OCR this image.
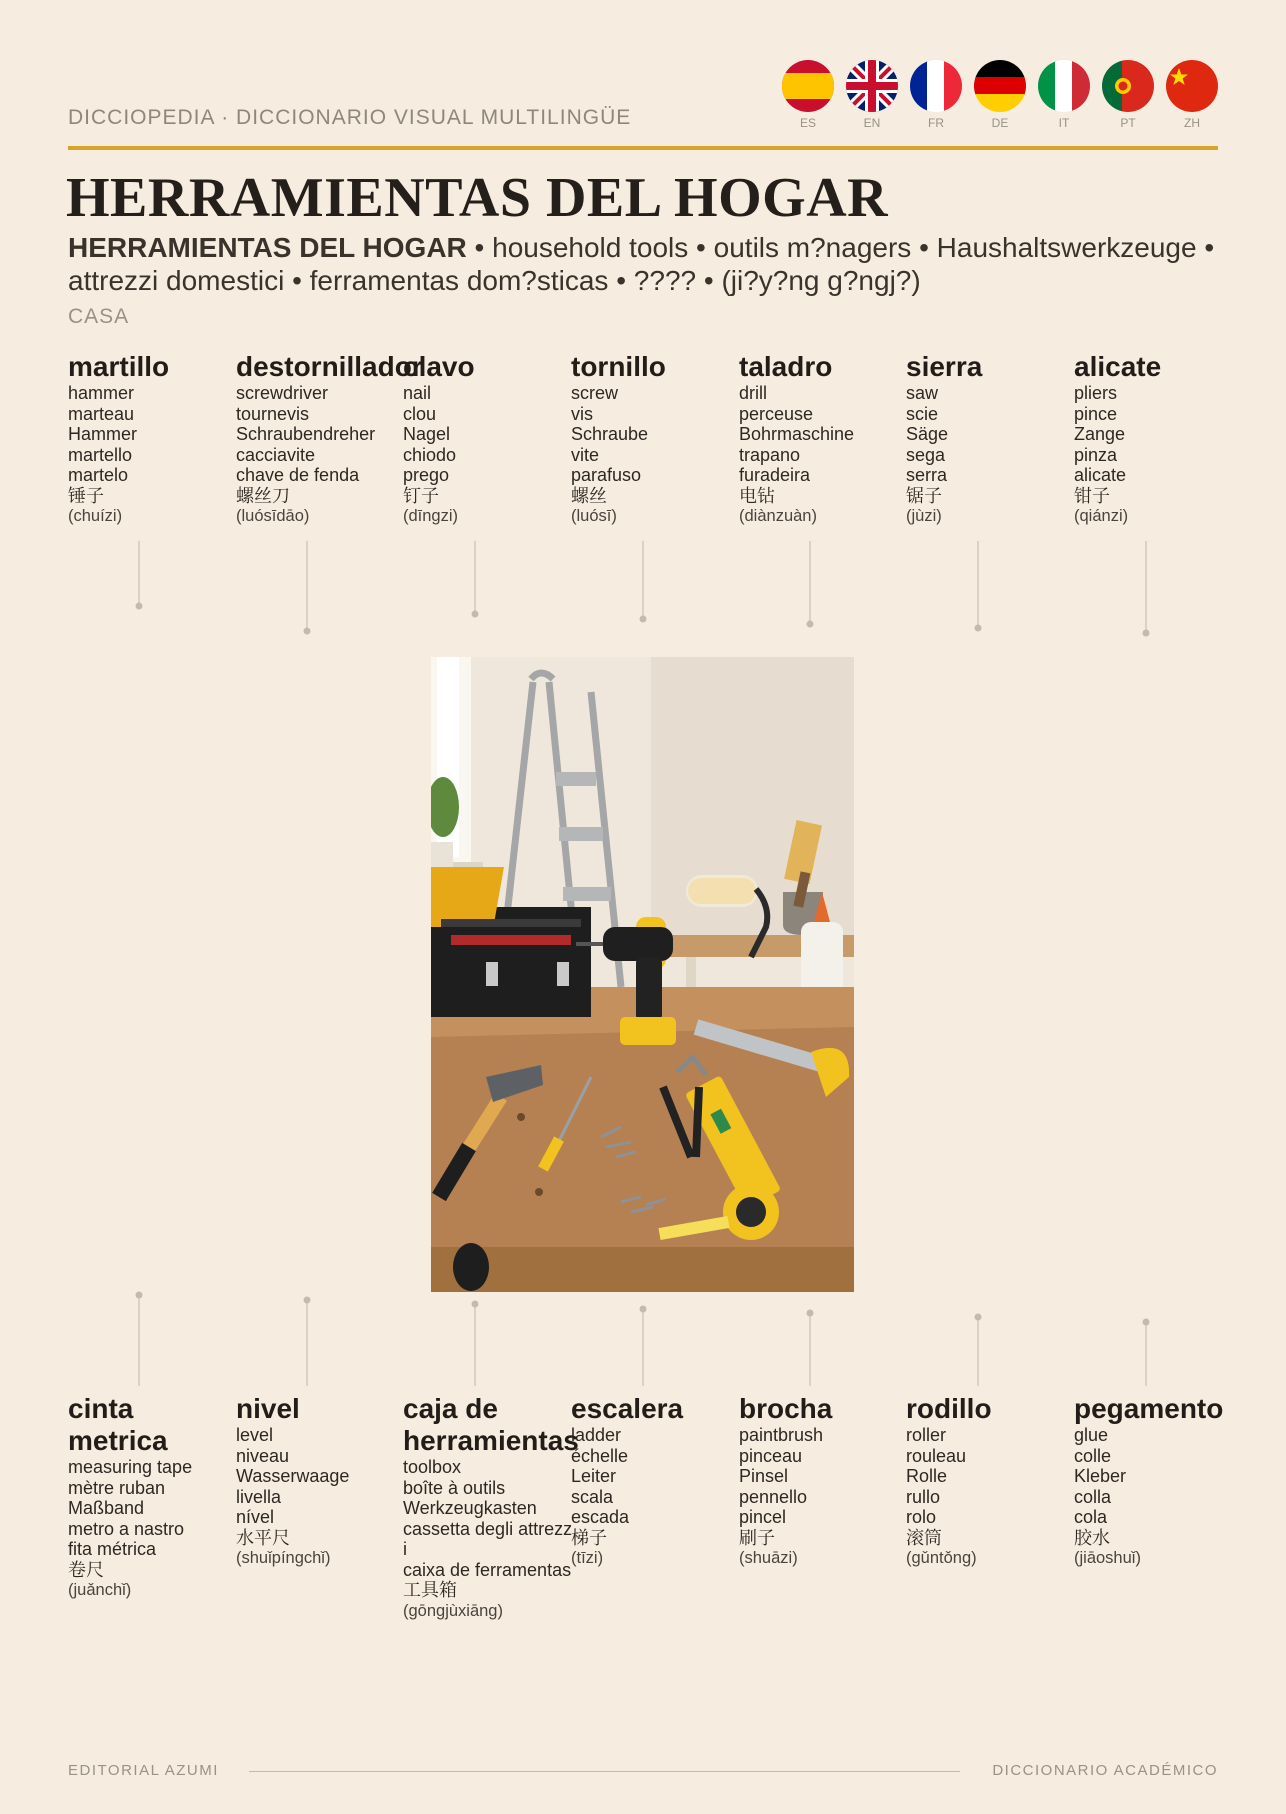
DICCIOPEDIA · DICCIONARIO VISUAL MULTILINGÜE	ES	EN	FR	DE	IT	PT	ZH
HERRAMIENTAS DEL HOGAR

HERRAMIENTAS DEL HOGAR • household tools • outils m?nagers • Haushaltswerkzeuge • attrezzi domestici • ferramentas dom?sticas • ???? • (ji?y?ng g?ngj?)

CASA
martillo
hammer
marteau
Hammer
martello
martelo
锤子
(chuízi)
destornillador
screwdriver
tournevis
Schraubendreher
cacciavite
chave de fenda
螺丝刀
(luósīdāo)
clavo
nail
clou
Nagel
chiodo
prego
钉子
(dīngzi)
tornillo
screw
vis
Schraube
vite
parafuso
螺丝
(luósī)
taladro
drill
perceuse
Bohrmaschine
trapano
furadeira
电钻
(diànzuàn)
sierra
saw
scie
Säge
sega
serra
锯子
(jùzi)
alicate
pliers
pince
Zange
pinza
alicate
钳子
(qiánzi)
cinta metrica
measuring tape
mètre ruban
Maßband
metro a nastro
fita métrica
卷尺
(juǎnchǐ)
nivel
level
niveau
Wasserwaage
livella
nível
水平尺
(shuǐpíngchǐ)
caja de herramientas
toolbox
boîte à outils
Werkzeugkasten
cassetta degli attrezzi
caixa de ferramentas
工具箱
(gōngjùxiāng)
escalera
ladder
échelle
Leiter
scala
escada
梯子
(tīzi)
brocha
paintbrush
pinceau
Pinsel
pennello
pincel
刷子
(shuāzi)
rodillo
roller
rouleau
Rolle
rullo
rolo
滚筒
(gǔntǒng)
pegamento
glue
colle
Kleber
colla
cola
胶水
(jiāoshuǐ)
EDITORIAL AZUMI	DICCIONARIO ACADÉMICO
